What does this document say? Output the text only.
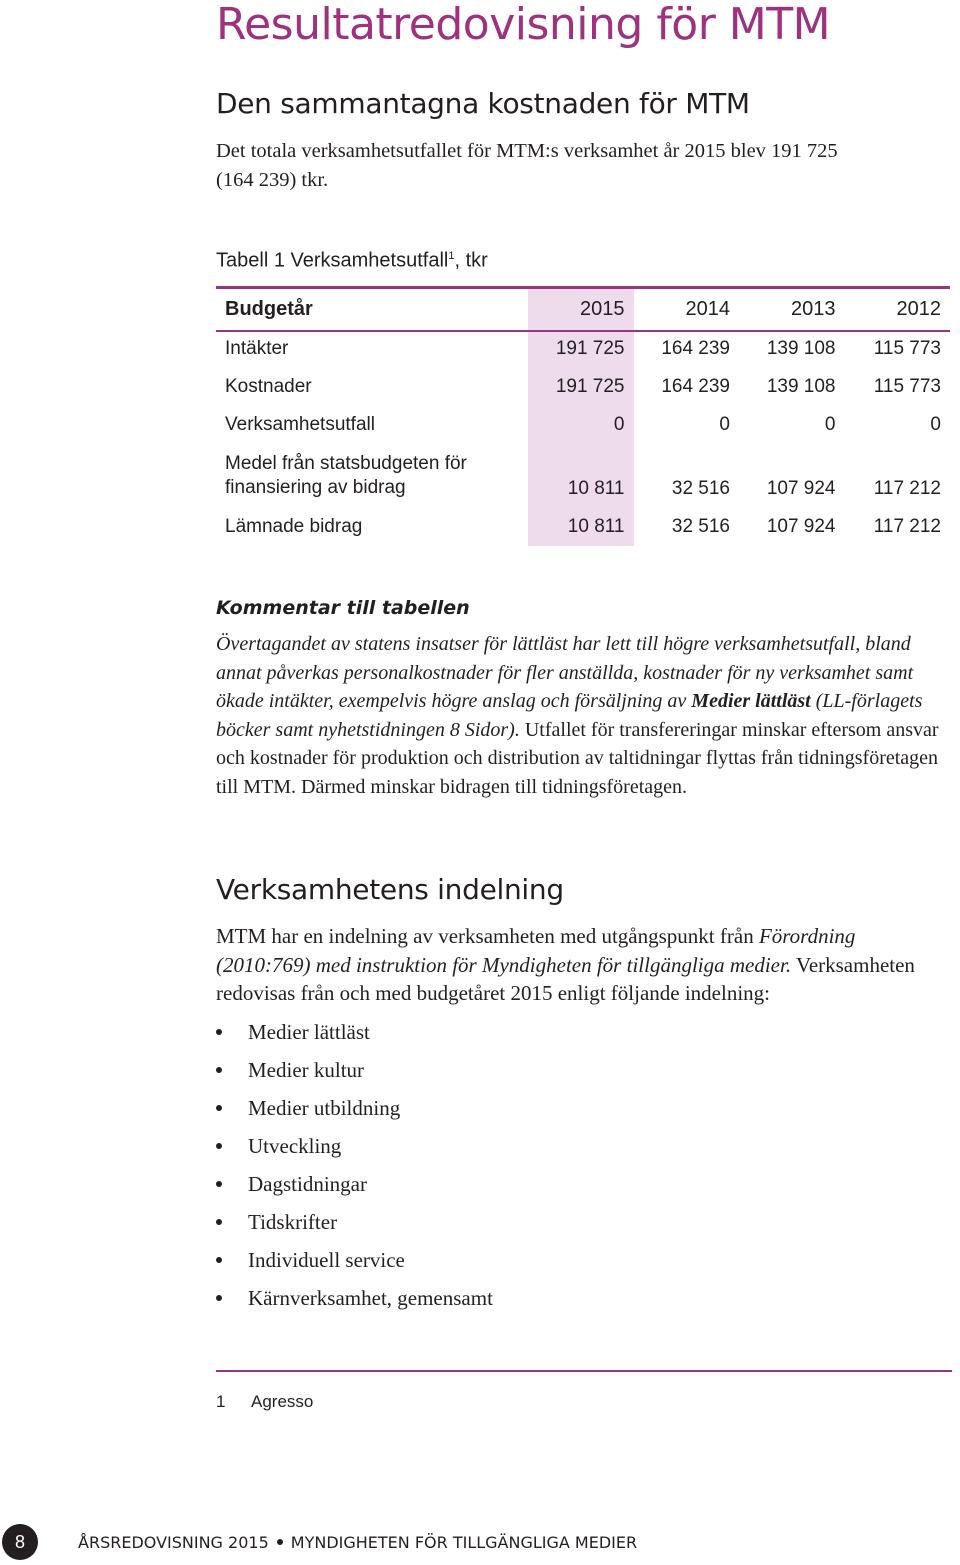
Resultatredovisning för MTM
Den sammantagna kostnaden för MTM

Det totala verksamhetsutfallet för MTM:s verksamhet år 2015 blev 191 725
(164 239) tkr.

Tabell 1 Verksamhetsutfall$^1$, tkr

Budgetår	2015	2014	2013	2012
Intäkter	191 725	164 239	139 108	115 773
Kostnader	191 725	164 239	139 108	115 773
Verksamhetsutfall	0	0	0	0
Medel från statsbudgeten för
finansiering av bidrag	10 811	32 516	107 924	117 212
Lämnade bidrag	10 811	32 516	107 924	117 212
Kommentar till tabellen

Övertagandet av statens insatser för lättläst har lett till högre verksamhetsutfall, bland annat påverkas personalkostnader för fler anställda, kostnader för ny verksamhet samt ökade intäkter, exempelvis högre anslag och försäljning av Medier lättläst (LL-förlagets böcker samt nyhetstidningen 8 Sidor). Utfallet för transfereringar minskar eftersom ansvar och kostnader för produktion och distribution av taltidningar flyttas från tidningsföretagen till MTM. Därmed minskar bidragen till tidningsföretagen.

Verksamhetens indelning

MTM har en indelning av verksamheten med utgångspunkt från Förordning (2010:769) med instruktion för Myndigheten för tillgängliga medier. Verksamheten redovisas från och med budgetåret 2015 enligt följande indelning:

Medier lättläst
Medier kultur
Medier utbildning
Utveckling
Dagstidningar
Tidskrifter
Individuell service
Kärnverksamhet, gemensamt

1 Agresso

8	ÅRSREDOVISNING 2015 MYNDIGHETEN FÖR TILLGÄNGLIGA MEDIER
